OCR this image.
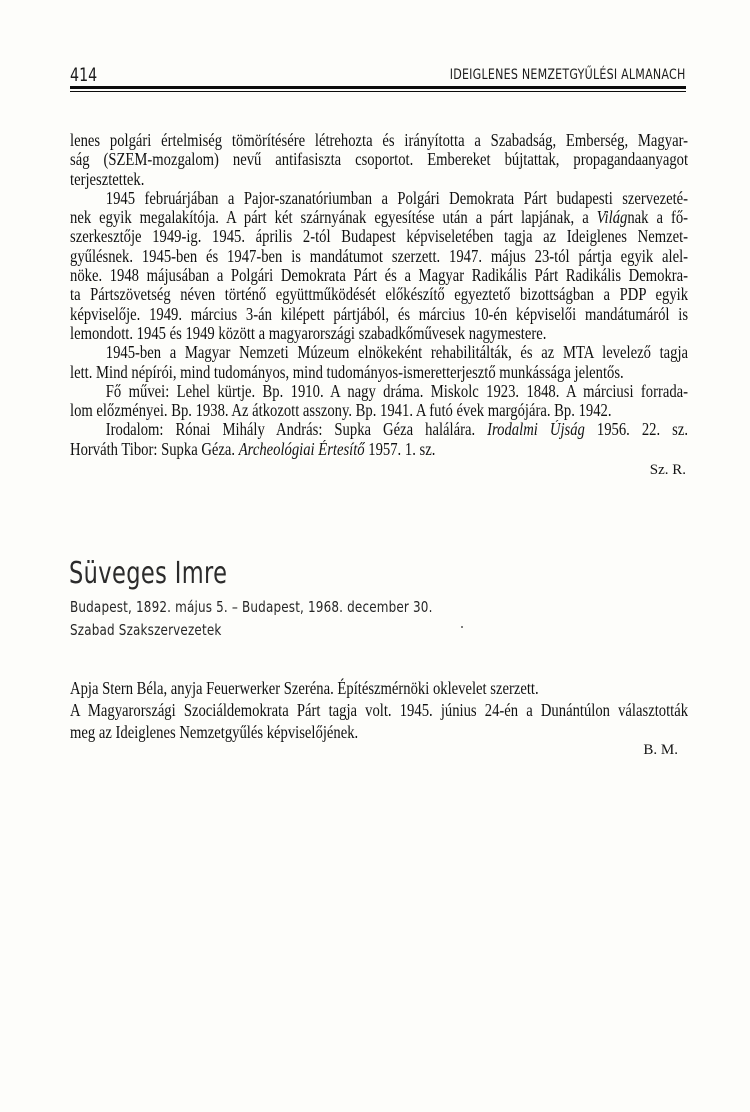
414	IDEIGLENES NEMZETGYŰLÉSI ALMANACH
lenes polgári értelmiség tömörítésére létrehozta és irányította a Szabadság, Emberség, Magyar-
ság (SZEM-mozgalom) nevű antifasiszta csoportot. Embereket bújtattak, propagandaanyagot
terjesztettek.
1945 februárjában a Pajor-szanatóriumban a Polgári Demokrata Párt budapesti szervezeté-
nek egyik megalakítója. A párt két szárnyának egyesítése után a párt lapjának, a Világnak a fő-
szerkesztője 1949-ig. 1945. április 2-tól Budapest képviseletében tagja az Ideiglenes Nemzet-
gyűlésnek. 1945-ben és 1947-ben is mandátumot szerzett. 1947. május 23-tól pártja egyik alel-
nöke. 1948 májusában a Polgári Demokrata Párt és a Magyar Radikális Párt Radikális Demokra-
ta Pártszövetség néven történő együttműködését előkészítő egyeztető bizottságban a PDP egyik
képviselője. 1949. március 3-án kilépett pártjából, és március 10-én képviselői mandátumáról is
lemondott. 1945 és 1949 között a magyarországi szabadkőművesek nagymestere.
1945-ben a Magyar Nemzeti Múzeum elnökeként rehabilitálták, és az MTA levelező tagja
lett. Mind népírói, mind tudományos, mind tudományos-ismeretterjesztő munkássága jelentős.
Fő művei: Lehel kürtje. Bp. 1910. A nagy dráma. Miskolc 1923. 1848. A márciusi forrada-
lom előzményei. Bp. 1938. Az átkozott asszony. Bp. 1941. A futó évek margójára. Bp. 1942.
Irodalom: Rónai Mihály András: Supka Géza halálára. Irodalmi Újság 1956. 22. sz.
Horváth Tibor: Supka Géza. Archeológiai Értesítő 1957. 1. sz.
Sz. R.
Süveges Imre
Budapest, 1892. május 5. – Budapest, 1968. december 30.
Szabad Szakszervezetek
Apja Stern Béla, anyja Feuerwerker Szeréna. Építészmérnöki oklevelet szerzett.
A Magyarországi Szociáldemokrata Párt tagja volt. 1945. június 24-én a Dunántúlon választották
meg az Ideiglenes Nemzetgyűlés képviselőjének.
B. M.
